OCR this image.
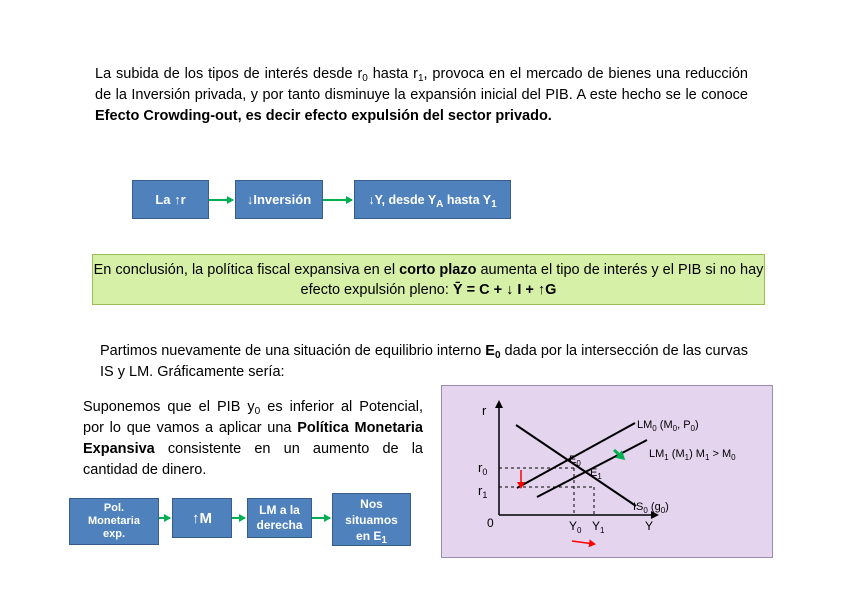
La subida de los tipos de interés desde $r_0$ hasta $r_1$, provoca en el mercado de bienes una reducción de la Inversión privada, y por tanto disminuye la expansión inicial del PIB. A este hecho se le conoce Efecto Crowding-out, es decir efecto expulsión del sector privado.
La ↑r	↓Inversión	↓Y, desde $Y_A$ hasta $Y_1$
En conclusión, la política fiscal expansiva en el corto plazo aumenta el tipo de interés y el PIB si no hay efecto expulsión pleno: Ȳ = C + ↓ I + ↑G
Partimos nuevamente de una situación de equilibrio interno $E_0$ dada por la intersección de las curvas IS y LM. Gráficamente sería:
Suponemos que el PIB $y_0$ es inferior al Potencial, por lo que vamos a aplicar una Política Monetaria Expansiva consistente en un aumento de la cantidad de dinero.
Pol. Monetaria exp.
↑M	LM a la derecha
Nos situamos en $E_1$
r
0	Y
$r_0$
$r_1$
$E_0$
$E_1$
$Y_0$ $Y_1$
$LM_0$ ($M_0$, $P_0$)
$LM_1$ $(M_1) M_1 > M_0$
$IS_0$ $(g_0)$
